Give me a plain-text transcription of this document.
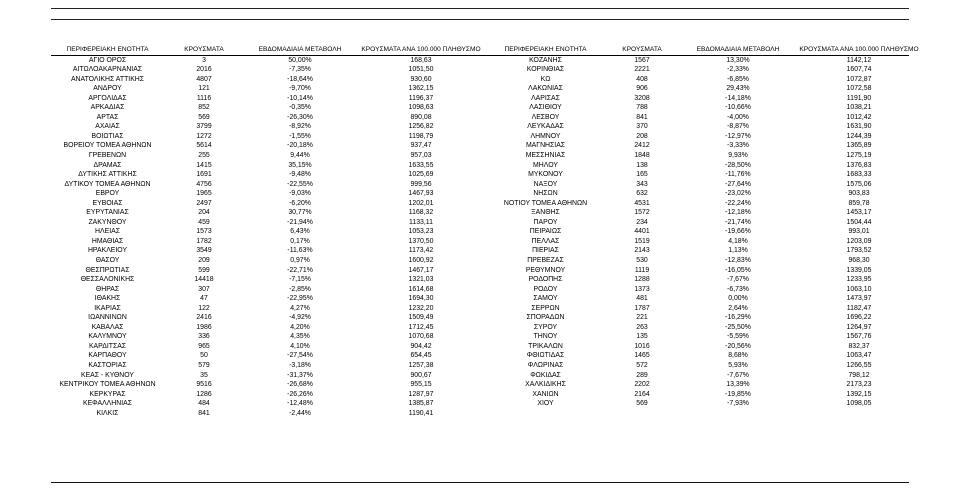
ΠΕΡΙΦΕΡΕΙΑΚΗ ΕΝΟΤΗΤΑ	ΚΡΟΥΣΜΑΤΑ	ΕΒΔΟΜΑΔΙΑΙΑ ΜΕΤΑΒΟΛΗ	ΚΡΟΥΣΜΑΤΑ ΑΝΑ 100.000 ΠΛΗΘΥΣΜΟ
ΑΓΙΟ ΟΡΟΣ	3	50,00%	168,63
ΑΙΤΩΛΟΑΚΑΡΝΑΝΙΑΣ	2016	-7,35%	1051,50
ΑΝΑΤΟΛΙΚΗΣ ΑΤΤΙΚΗΣ	4807	-18,64%	930,60
ΑΝΔΡΟΥ	121	-9,70%	1362,15
ΑΡΓΟΛΙΔΑΣ	1116	-10,14%	1196,37
ΑΡΚΑΔΙΑΣ	852	-0,35%	1098,63
ΑΡΤΑΣ	569	-26,30%	890,08
ΑΧΑΙΑΣ	3799	-8,92%	1256,82
ΒΟΙΩΤΙΑΣ	1272	-1,55%	1198,79
ΒΟΡΕΙΟΥ ΤΟΜΕΑ ΑΘΗΝΩΝ	5614	-20,18%	937,47
ΓΡΕΒΕΝΩΝ	255	9,44%	957,03
ΔΡΑΜΑΣ	1415	35,15%	1633,55
ΔΥΤΙΚΗΣ ΑΤΤΙΚΗΣ	1691	-9,48%	1025,69
ΔΥΤΙΚΟΥ ΤΟΜΕΑ ΑΘΗΝΩΝ	4756	-22,55%	999,56
ΕΒΡΟΥ	1965	-9,03%	1467,93
ΕΥΒΟΙΑΣ	2497	-6,20%	1202,01
ΕΥΡΥΤΑΝΙΑΣ	204	30,77%	1168,32
ΖΑΚΥΝΘΟΥ	459	-21,94%	1133,11
ΗΛΕΙΑΣ	1573	6,43%	1053,23
ΗΜΑΘΙΑΣ	1782	0,17%	1370,50
ΗΡΑΚΛΕΙΟΥ	3549	-11,63%	1173,42
ΘΑΣΟΥ	209	0,97%	1600,92
ΘΕΣΠΡΩΤΙΑΣ	599	-22,71%	1467,17
ΘΕΣΣΑΛΟΝΙΚΗΣ	14418	-7,15%	1321,03
ΘΗΡΑΣ	307	-2,85%	1614,68
ΙΘΑΚΗΣ	47	-22,95%	1694,30
ΙΚΑΡΙΑΣ	122	4,27%	1232,20
ΙΩΑΝΝΙΝΩΝ	2416	-4,92%	1509,49
ΚΑΒΑΛΑΣ	1986	4,20%	1712,45
ΚΑΛΥΜΝΟΥ	336	4,35%	1070,68
ΚΑΡΔΙΤΣΑΣ	965	4,10%	904,42
ΚΑΡΠΑΘΟΥ	50	-27,54%	654,45
ΚΑΣΤΟΡΙΑΣ	579	-3,18%	1257,38
ΚΕΑΣ - ΚΥΘΝΟΥ	35	-31,37%	900,67
ΚΕΝΤΡΙΚΟΥ ΤΟΜΕΑ ΑΘΗΝΩΝ	9516	-26,68%	955,15
ΚΕΡΚΥΡΑΣ	1286	-26,26%	1287,97
ΚΕΦΑΛΛΗΝΙΑΣ	484	-12,48%	1385,87
ΚΙΛΚΙΣ	841	-2,44%	1190,41
ΠΕΡΙΦΕΡΕΙΑΚΗ ΕΝΟΤΗΤΑ	ΚΡΟΥΣΜΑΤΑ	ΕΒΔΟΜΑΔΙΑΙΑ ΜΕΤΑΒΟΛΗ	ΚΡΟΥΣΜΑΤΑ ΑΝΑ 100.000 ΠΛΗΘΥΣΜΟ
ΚΟΖΑΝΗΣ	1567	13,30%	1142,12
ΚΟΡΙΝΘΙΑΣ	2221	-2,33%	1607,74
ΚΩ	408	-6,85%	1072,87
ΛΑΚΩΝΙΑΣ	906	29,43%	1072,58
ΛΑΡΙΣΑΣ	3208	-14,18%	1191,90
ΛΑΣΙΘΙΟΥ	788	-10,66%	1038,21
ΛΕΣΒΟΥ	841	-4,00%	1012,42
ΛΕΥΚΑΔΑΣ	370	-8,87%	1631,90
ΛΗΜΝΟΥ	208	-12,97%	1244,39
ΜΑΓΝΗΣΙΑΣ	2412	-3,33%	1365,89
ΜΕΣΣΗΝΙΑΣ	1848	9,93%	1275,19
ΜΗΛΟΥ	138	-28,50%	1376,83
ΜΥΚΟΝΟΥ	165	-11,76%	1683,33
ΝΑΞΟΥ	343	-27,64%	1575,06
ΝΗΣΩΝ	632	-23,02%	903,83
ΝΟΤΙΟΥ ΤΟΜΕΑ ΑΘΗΝΩΝ	4531	-22,24%	859,78
ΞΑΝΘΗΣ	1572	-12,18%	1453,17
ΠΑΡΟΥ	234	-21,74%	1504,44
ΠΕΙΡΑΙΩΣ	4401	-19,66%	993,01
ΠΕΛΛΑΣ	1519	4,18%	1203,09
ΠΙΕΡΙΑΣ	2143	1,13%	1793,52
ΠΡΕΒΕΖΑΣ	530	-12,83%	968,30
ΡΕΘΥΜΝΟΥ	1119	-16,05%	1339,05
ΡΟΔΟΠΗΣ	1288	-7,67%	1233,95
ΡΟΔΟΥ	1373	-6,73%	1063,10
ΣΑΜΟΥ	481	0,00%	1473,97
ΣΕΡΡΩΝ	1787	2,64%	1182,47
ΣΠΟΡΑΔΩΝ	221	-16,29%	1696,22
ΣΥΡΟΥ	263	-25,50%	1264,97
ΤΗΝΟΥ	135	-5,59%	1567,76
ΤΡΙΚΑΛΩΝ	1016	-20,56%	832,37
ΦΘΙΩΤΙΔΑΣ	1465	8,68%	1063,47
ΦΛΩΡΙΝΑΣ	572	5,93%	1266,55
ΦΩΚΙΔΑΣ	289	-7,67%	798,12
ΧΑΛΚΙΔΙΚΗΣ	2202	13,39%	2173,23
ΧΑΝΙΩΝ	2164	-19,85%	1392,15
ΧΙΟΥ	569	-7,93%	1098,05
